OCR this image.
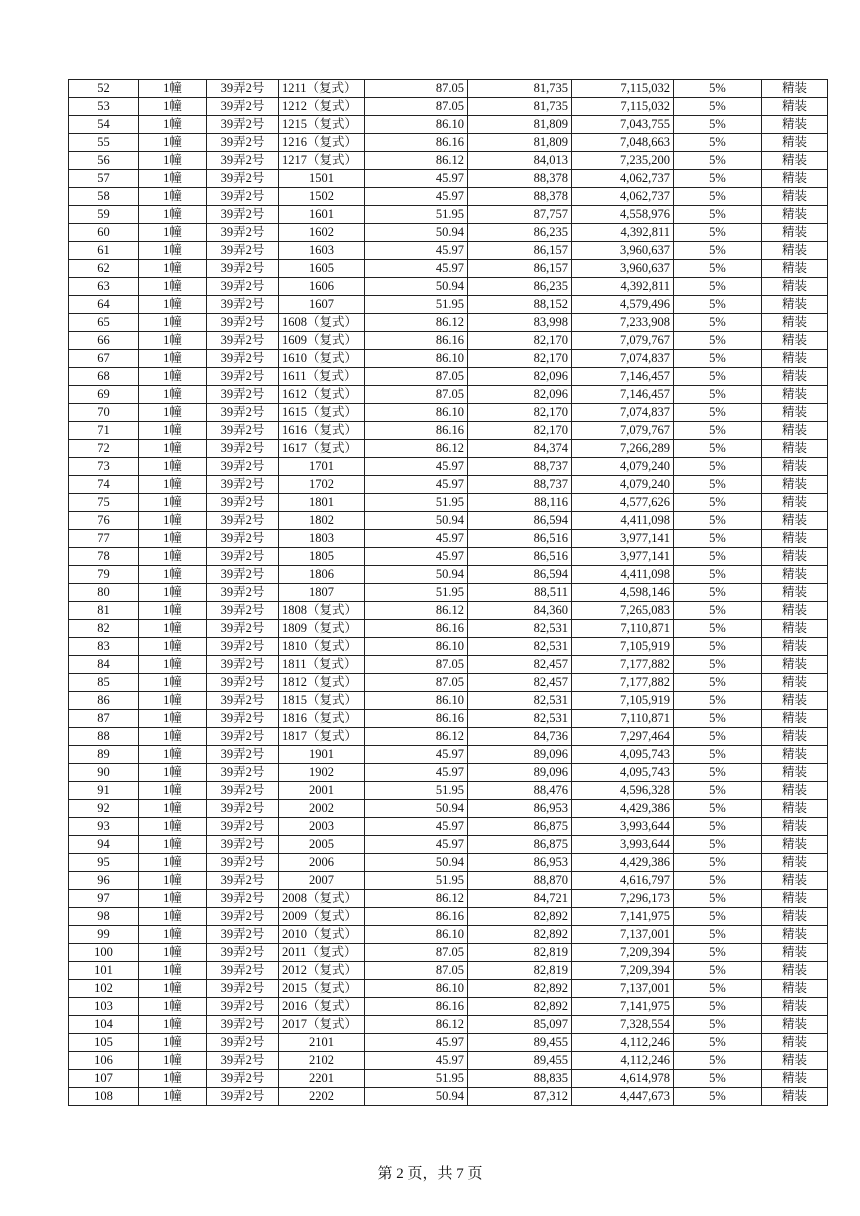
52	1幢	39弄2号	1211（复式）	87.05	81,735	7,115,032	5%	精装
53	1幢	39弄2号	1212（复式）	87.05	81,735	7,115,032	5%	精装
54	1幢	39弄2号	1215（复式）	86.10	81,809	7,043,755	5%	精装
55	1幢	39弄2号	1216（复式）	86.16	81,809	7,048,663	5%	精装
56	1幢	39弄2号	1217（复式）	86.12	84,013	7,235,200	5%	精装
57	1幢	39弄2号	1501	45.97	88,378	4,062,737	5%	精装
58	1幢	39弄2号	1502	45.97	88,378	4,062,737	5%	精装
59	1幢	39弄2号	1601	51.95	87,757	4,558,976	5%	精装
60	1幢	39弄2号	1602	50.94	86,235	4,392,811	5%	精装
61	1幢	39弄2号	1603	45.97	86,157	3,960,637	5%	精装
62	1幢	39弄2号	1605	45.97	86,157	3,960,637	5%	精装
63	1幢	39弄2号	1606	50.94	86,235	4,392,811	5%	精装
64	1幢	39弄2号	1607	51.95	88,152	4,579,496	5%	精装
65	1幢	39弄2号	1608（复式）	86.12	83,998	7,233,908	5%	精装
66	1幢	39弄2号	1609（复式）	86.16	82,170	7,079,767	5%	精装
67	1幢	39弄2号	1610（复式）	86.10	82,170	7,074,837	5%	精装
68	1幢	39弄2号	1611（复式）	87.05	82,096	7,146,457	5%	精装
69	1幢	39弄2号	1612（复式）	87.05	82,096	7,146,457	5%	精装
70	1幢	39弄2号	1615（复式）	86.10	82,170	7,074,837	5%	精装
71	1幢	39弄2号	1616（复式）	86.16	82,170	7,079,767	5%	精装
72	1幢	39弄2号	1617（复式）	86.12	84,374	7,266,289	5%	精装
73	1幢	39弄2号	1701	45.97	88,737	4,079,240	5%	精装
74	1幢	39弄2号	1702	45.97	88,737	4,079,240	5%	精装
75	1幢	39弄2号	1801	51.95	88,116	4,577,626	5%	精装
76	1幢	39弄2号	1802	50.94	86,594	4,411,098	5%	精装
77	1幢	39弄2号	1803	45.97	86,516	3,977,141	5%	精装
78	1幢	39弄2号	1805	45.97	86,516	3,977,141	5%	精装
79	1幢	39弄2号	1806	50.94	86,594	4,411,098	5%	精装
80	1幢	39弄2号	1807	51.95	88,511	4,598,146	5%	精装
81	1幢	39弄2号	1808（复式）	86.12	84,360	7,265,083	5%	精装
82	1幢	39弄2号	1809（复式）	86.16	82,531	7,110,871	5%	精装
83	1幢	39弄2号	1810（复式）	86.10	82,531	7,105,919	5%	精装
84	1幢	39弄2号	1811（复式）	87.05	82,457	7,177,882	5%	精装
85	1幢	39弄2号	1812（复式）	87.05	82,457	7,177,882	5%	精装
86	1幢	39弄2号	1815（复式）	86.10	82,531	7,105,919	5%	精装
87	1幢	39弄2号	1816（复式）	86.16	82,531	7,110,871	5%	精装
88	1幢	39弄2号	1817（复式）	86.12	84,736	7,297,464	5%	精装
89	1幢	39弄2号	1901	45.97	89,096	4,095,743	5%	精装
90	1幢	39弄2号	1902	45.97	89,096	4,095,743	5%	精装
91	1幢	39弄2号	2001	51.95	88,476	4,596,328	5%	精装
92	1幢	39弄2号	2002	50.94	86,953	4,429,386	5%	精装
93	1幢	39弄2号	2003	45.97	86,875	3,993,644	5%	精装
94	1幢	39弄2号	2005	45.97	86,875	3,993,644	5%	精装
95	1幢	39弄2号	2006	50.94	86,953	4,429,386	5%	精装
96	1幢	39弄2号	2007	51.95	88,870	4,616,797	5%	精装
97	1幢	39弄2号	2008（复式）	86.12	84,721	7,296,173	5%	精装
98	1幢	39弄2号	2009（复式）	86.16	82,892	7,141,975	5%	精装
99	1幢	39弄2号	2010（复式）	86.10	82,892	7,137,001	5%	精装
100	1幢	39弄2号	2011（复式）	87.05	82,819	7,209,394	5%	精装
101	1幢	39弄2号	2012（复式）	87.05	82,819	7,209,394	5%	精装
102	1幢	39弄2号	2015（复式）	86.10	82,892	7,137,001	5%	精装
103	1幢	39弄2号	2016（复式）	86.16	82,892	7,141,975	5%	精装
104	1幢	39弄2号	2017（复式）	86.12	85,097	7,328,554	5%	精装
105	1幢	39弄2号	2101	45.97	89,455	4,112,246	5%	精装
106	1幢	39弄2号	2102	45.97	89,455	4,112,246	5%	精装
107	1幢	39弄2号	2201	51.95	88,835	4,614,978	5%	精装
108	1幢	39弄2号	2202	50.94	87,312	4,447,673	5%	精装
第 2 页，共 7 页
